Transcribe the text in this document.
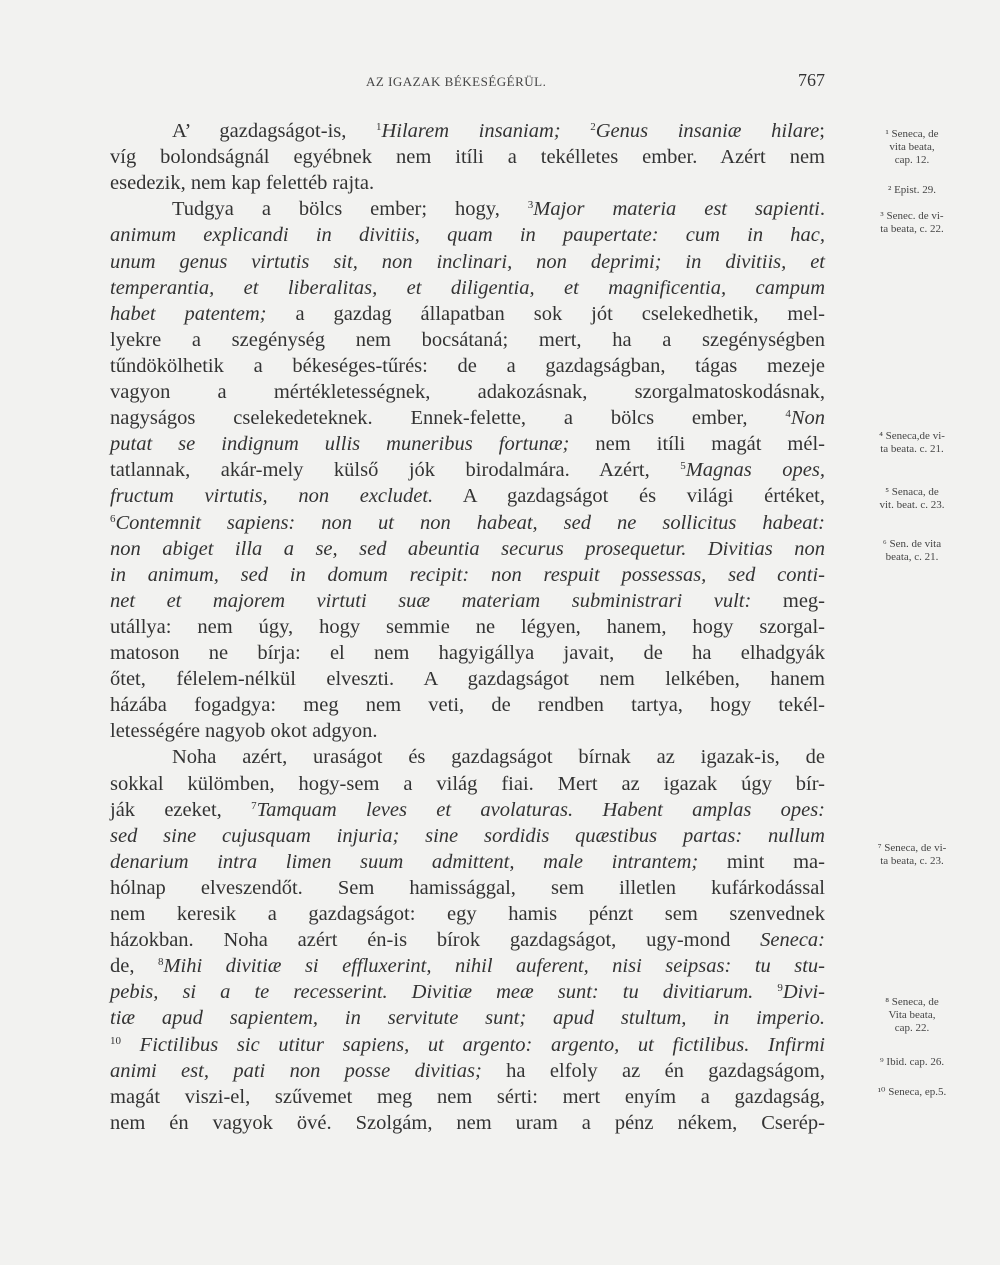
AZ IGAZAK BÉKESÉGÉRÜL.	767
A’ gazdagságot-is, $^1$Hilarem insaniam; $^2$Genus insaniæ hilare;
víg bolondságnál egyébnek nem itíli a tekélletes ember. Azért nem
esedezik, nem kap felettéb rajta.
Tudgya a bölcs ember; hogy, $^3$Major materia est sapienti.
animum explicandi in divitiis, quam in paupertate: cum in hac,
unum genus virtutis sit, non inclinari, non deprimi; in divitiis, et
temperantia, et liberalitas, et diligentia, et magnificentia, campum
habet patentem; a gazdag állapatban sok jót cselekedhetik, mel-
lyekre a szegénység nem bocsátaná; mert, ha a szegénységben
tűndökölhetik a békeséges-tűrés: de a gazdagságban, tágas mezeje
vagyon a mértékletességnek, adakozásnak, szorgalmatoskodásnak,
nagyságos cselekedeteknek. Ennek-felette, a bölcs ember, $^4$Non
putat se indignum ullis muneribus fortunæ; nem itíli magát mél-
tatlannak, akár-mely külső jók birodalmára. Azért, $^5$Magnas opes,
fructum virtutis, non excludet. A gazdagságot és világi értéket,
$^6$Contemnit sapiens: non ut non habeat, sed ne sollicitus habeat:
non abiget illa a se, sed abeuntia securus prosequetur. Divitias non
in animum, sed in domum recipit: non respuit possessas, sed conti-
net et majorem virtuti suæ materiam subministrari vult: meg-
utállya: nem úgy, hogy semmie ne légyen, hanem, hogy szorgal-
matoson ne bírja: el nem hagyigállya javait, de ha elhadgyák
őtet, félelem-nélkül elveszti. A gazdagságot nem lelkében, hanem
házába fogadgya: meg nem veti, de rendben tartya, hogy tekél-
letességére nagyob okot adgyon.
Noha azért, uraságot és gazdagságot bírnak az igazak-is, de
sokkal külömben, hogy-sem a világ fiai. Mert az igazak úgy bír-
ják ezeket, $^7$Tamquam leves et avolaturas. Habent amplas opes:
sed sine cujusquam injuria; sine sordidis quæstibus partas: nullum
denarium intra limen suum admittent, male intrantem; mint ma-
hólnap elveszendőt. Sem hamissággal, sem illetlen kufárkodással
nem keresik a gazdagságot: egy hamis pénzt sem szenvednek
házokban. Noha azért én-is bírok gazdagságot, ugy-mond Seneca:
de, $^8$Mihi divitiæ si effluxerint, nihil auferent, nisi seipsas: tu stu-
pebis, si a te recesserint. Divitiæ meæ sunt: tu divitiarum. $^9$Divi-
tiæ apud sapientem, in servitute sunt; apud stultum, in imperio.
$^{10}$ Fictilibus sic utitur sapiens, ut argento: argento, ut fictilibus. Infirmi
animi est, pati non posse divitias; ha elfoly az én gazdagságom,
magát viszi-el, szűvemet meg nem sérti: mert enyím a gazdagság,
nem én vagyok övé. Szolgám, nem uram a pénz nékem, Cserép-
¹ Seneca, de
vita beata,
cap. 12.
² Epist. 29.
³ Senec. de vi-
ta beata, c. 22.
⁴ Seneca,de vi-
ta beata. c. 21.
⁵ Senaca, de
vit. beat. c. 23.
⁶ Sen. de vita
beata, c. 21.
⁷ Seneca, de vi-
ta beata, c. 23.
⁸ Seneca, de
Vita beata,
cap. 22.
⁹ Ibid. cap. 26.
¹⁰ Seneca, ep.5.
